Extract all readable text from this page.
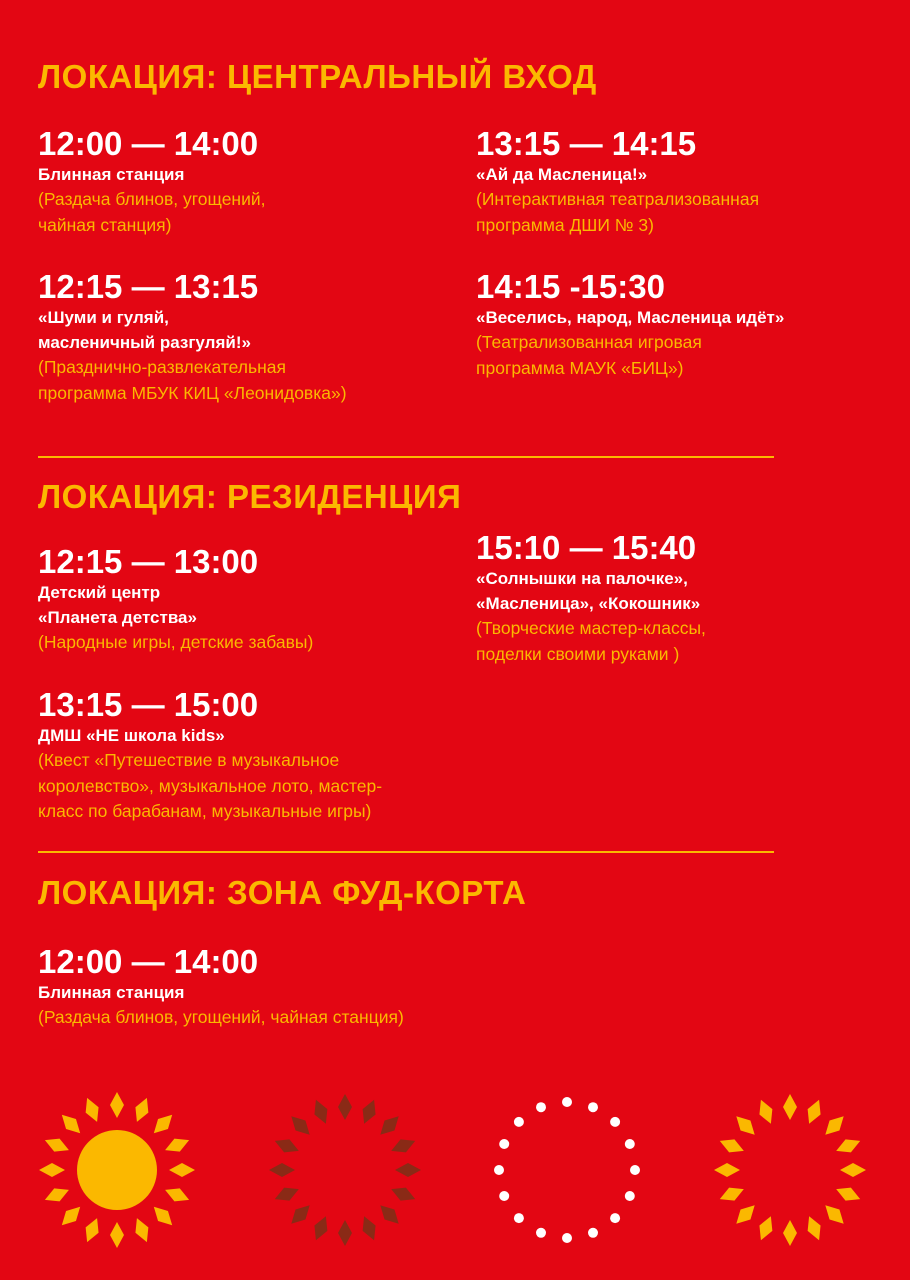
ЛОКАЦИЯ: ЦЕНТРАЛЬНЫЙ ВХОД
12:00 — 14:00
Блинная станция
(Раздача блинов, угощений,
чайная станция)
13:15 — 14:15
«Ай да Масленица!»
(Интерактивная театрализованная
программа ДШИ № 3)
12:15 — 13:15
«Шуми и гуляй,
масленичный разгуляй!»
(Празднично-развлекательная
программа МБУК КИЦ «Леонидовка»)
14:15 -15:30
«Веселись, народ, Масленица идёт»
(Театрализованная игровая
программа МАУК «БИЦ»)
ЛОКАЦИЯ: РЕЗИДЕНЦИЯ
12:15 — 13:00
Детский центр
«Планета детства»
(Народные игры, детские забавы)
15:10 — 15:40
«Солнышки на палочке»,
«Масленица», «Кокошник»
(Творческие мастер-классы,
поделки своими руками )
13:15 — 15:00
ДМШ «НЕ школа kids»
(Квест «Путешествие в музыкальное
королевство», музыкальное лото, мастер-
класс по барабанам, музыкальные игры)
ЛОКАЦИЯ: ЗОНА ФУД-КОРТА
12:00 — 14:00
Блинная станция
(Раздача блинов, угощений, чайная станция)
